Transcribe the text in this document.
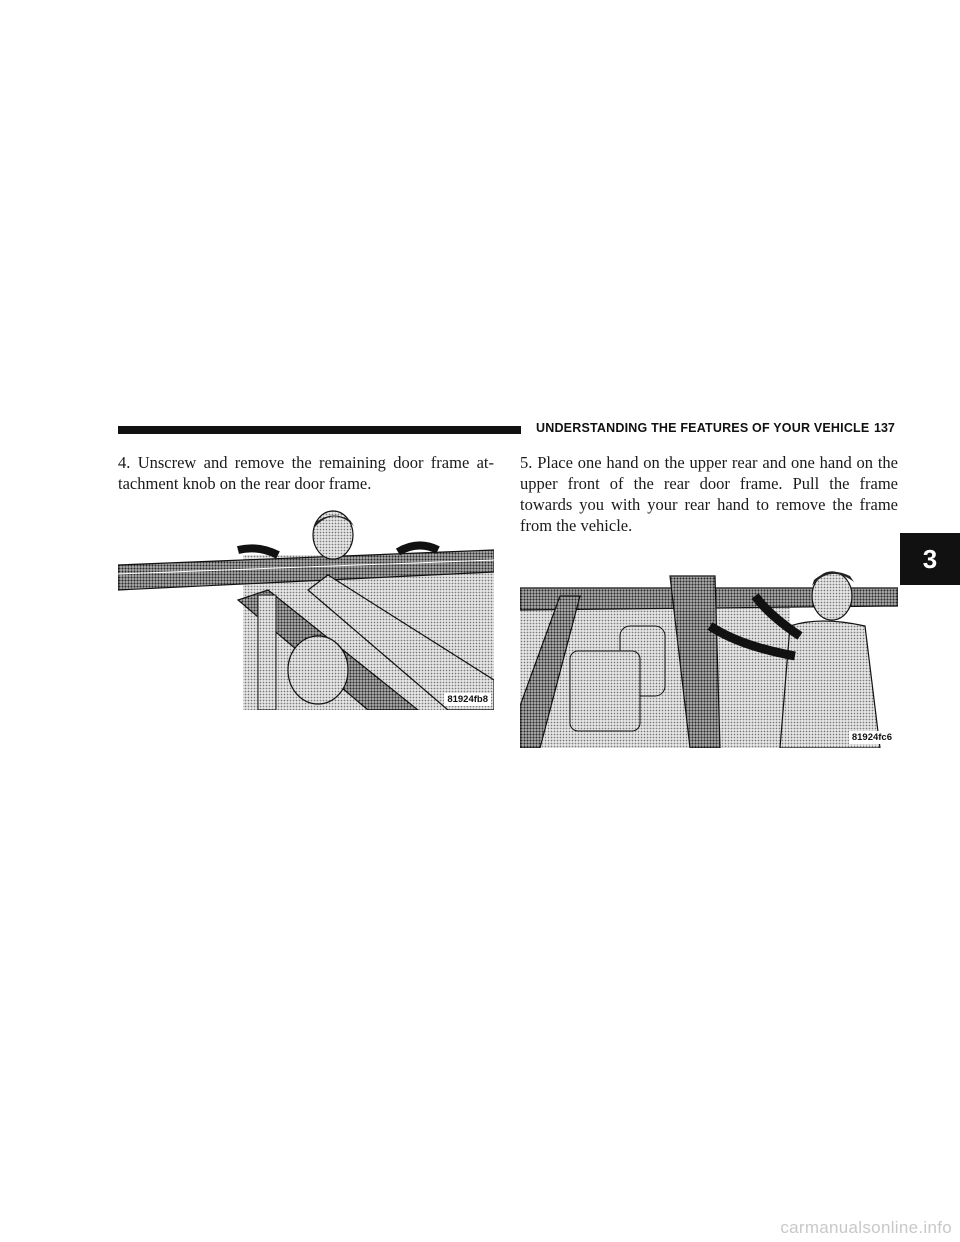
UNDERSTANDING THE FEATURES OF YOUR VEHICLE 137
3
4. Unscrew and remove the remaining door frame at-tachment knob on the rear door frame.
81924fb8
5. Place one hand on the upper rear and one hand on the upper front of the rear door frame. Pull the frame towards you with your rear hand to remove the frame from the vehicle.
81924fc6
carmanualsonline.info
